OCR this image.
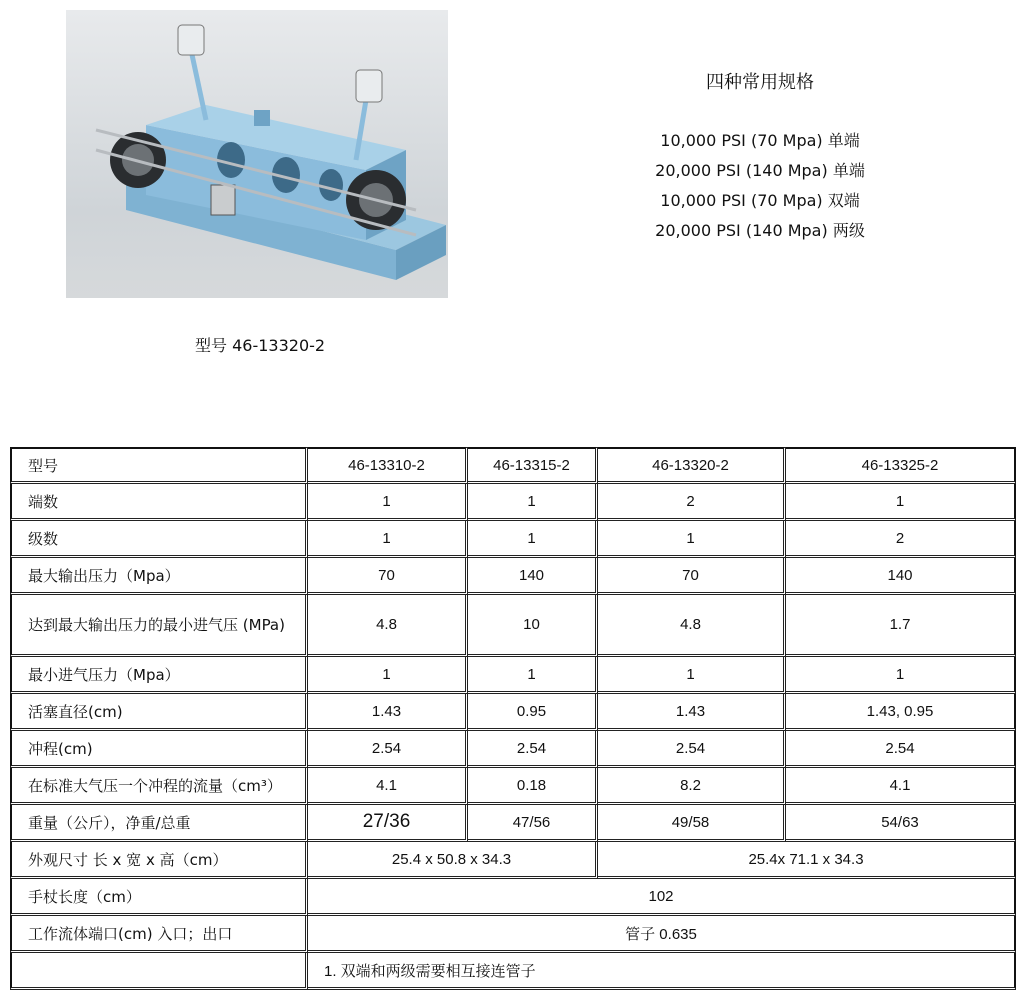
型号 46-13320-2
四种常用规格
10,000 PSI (70 Mpa) 单端
20,000 PSI (140 Mpa) 单端
10,000 PSI (70 Mpa) 双端
20,000 PSI (140 Mpa) 两级
型号	46-13310-2	46-13315-2	46-13320-2	46-13325-2
端数	1	1	2	1
级数	1	1	1	2
最大输出压力（Mpa）	70	140	70	140
达到最大输出压力的最小进气压 (MPa)	4.8	10	4.8	1.7
最小进气压力（Mpa）	1	1	1	1
活塞直径(cm)	1.43	0.95	1.43	1.43, 0.95
冲程(cm)	2.54	2.54	2.54	2.54
在标准大气压一个冲程的流量（cm³）	4.1	0.18	8.2	4.1
重量（公斤），净重/总重	27/36	47/56	49/58	54/63
外观尺寸 长 x 宽 x 高（cm）	25.4 x 50.8 x 34.3		25.4x 71.1 x 34.3	
手杖长度（cm）	102			
工作流体端口(cm) 入口；出口	管子 0.635			
	1. 双端和两级需要相互接连管子			
